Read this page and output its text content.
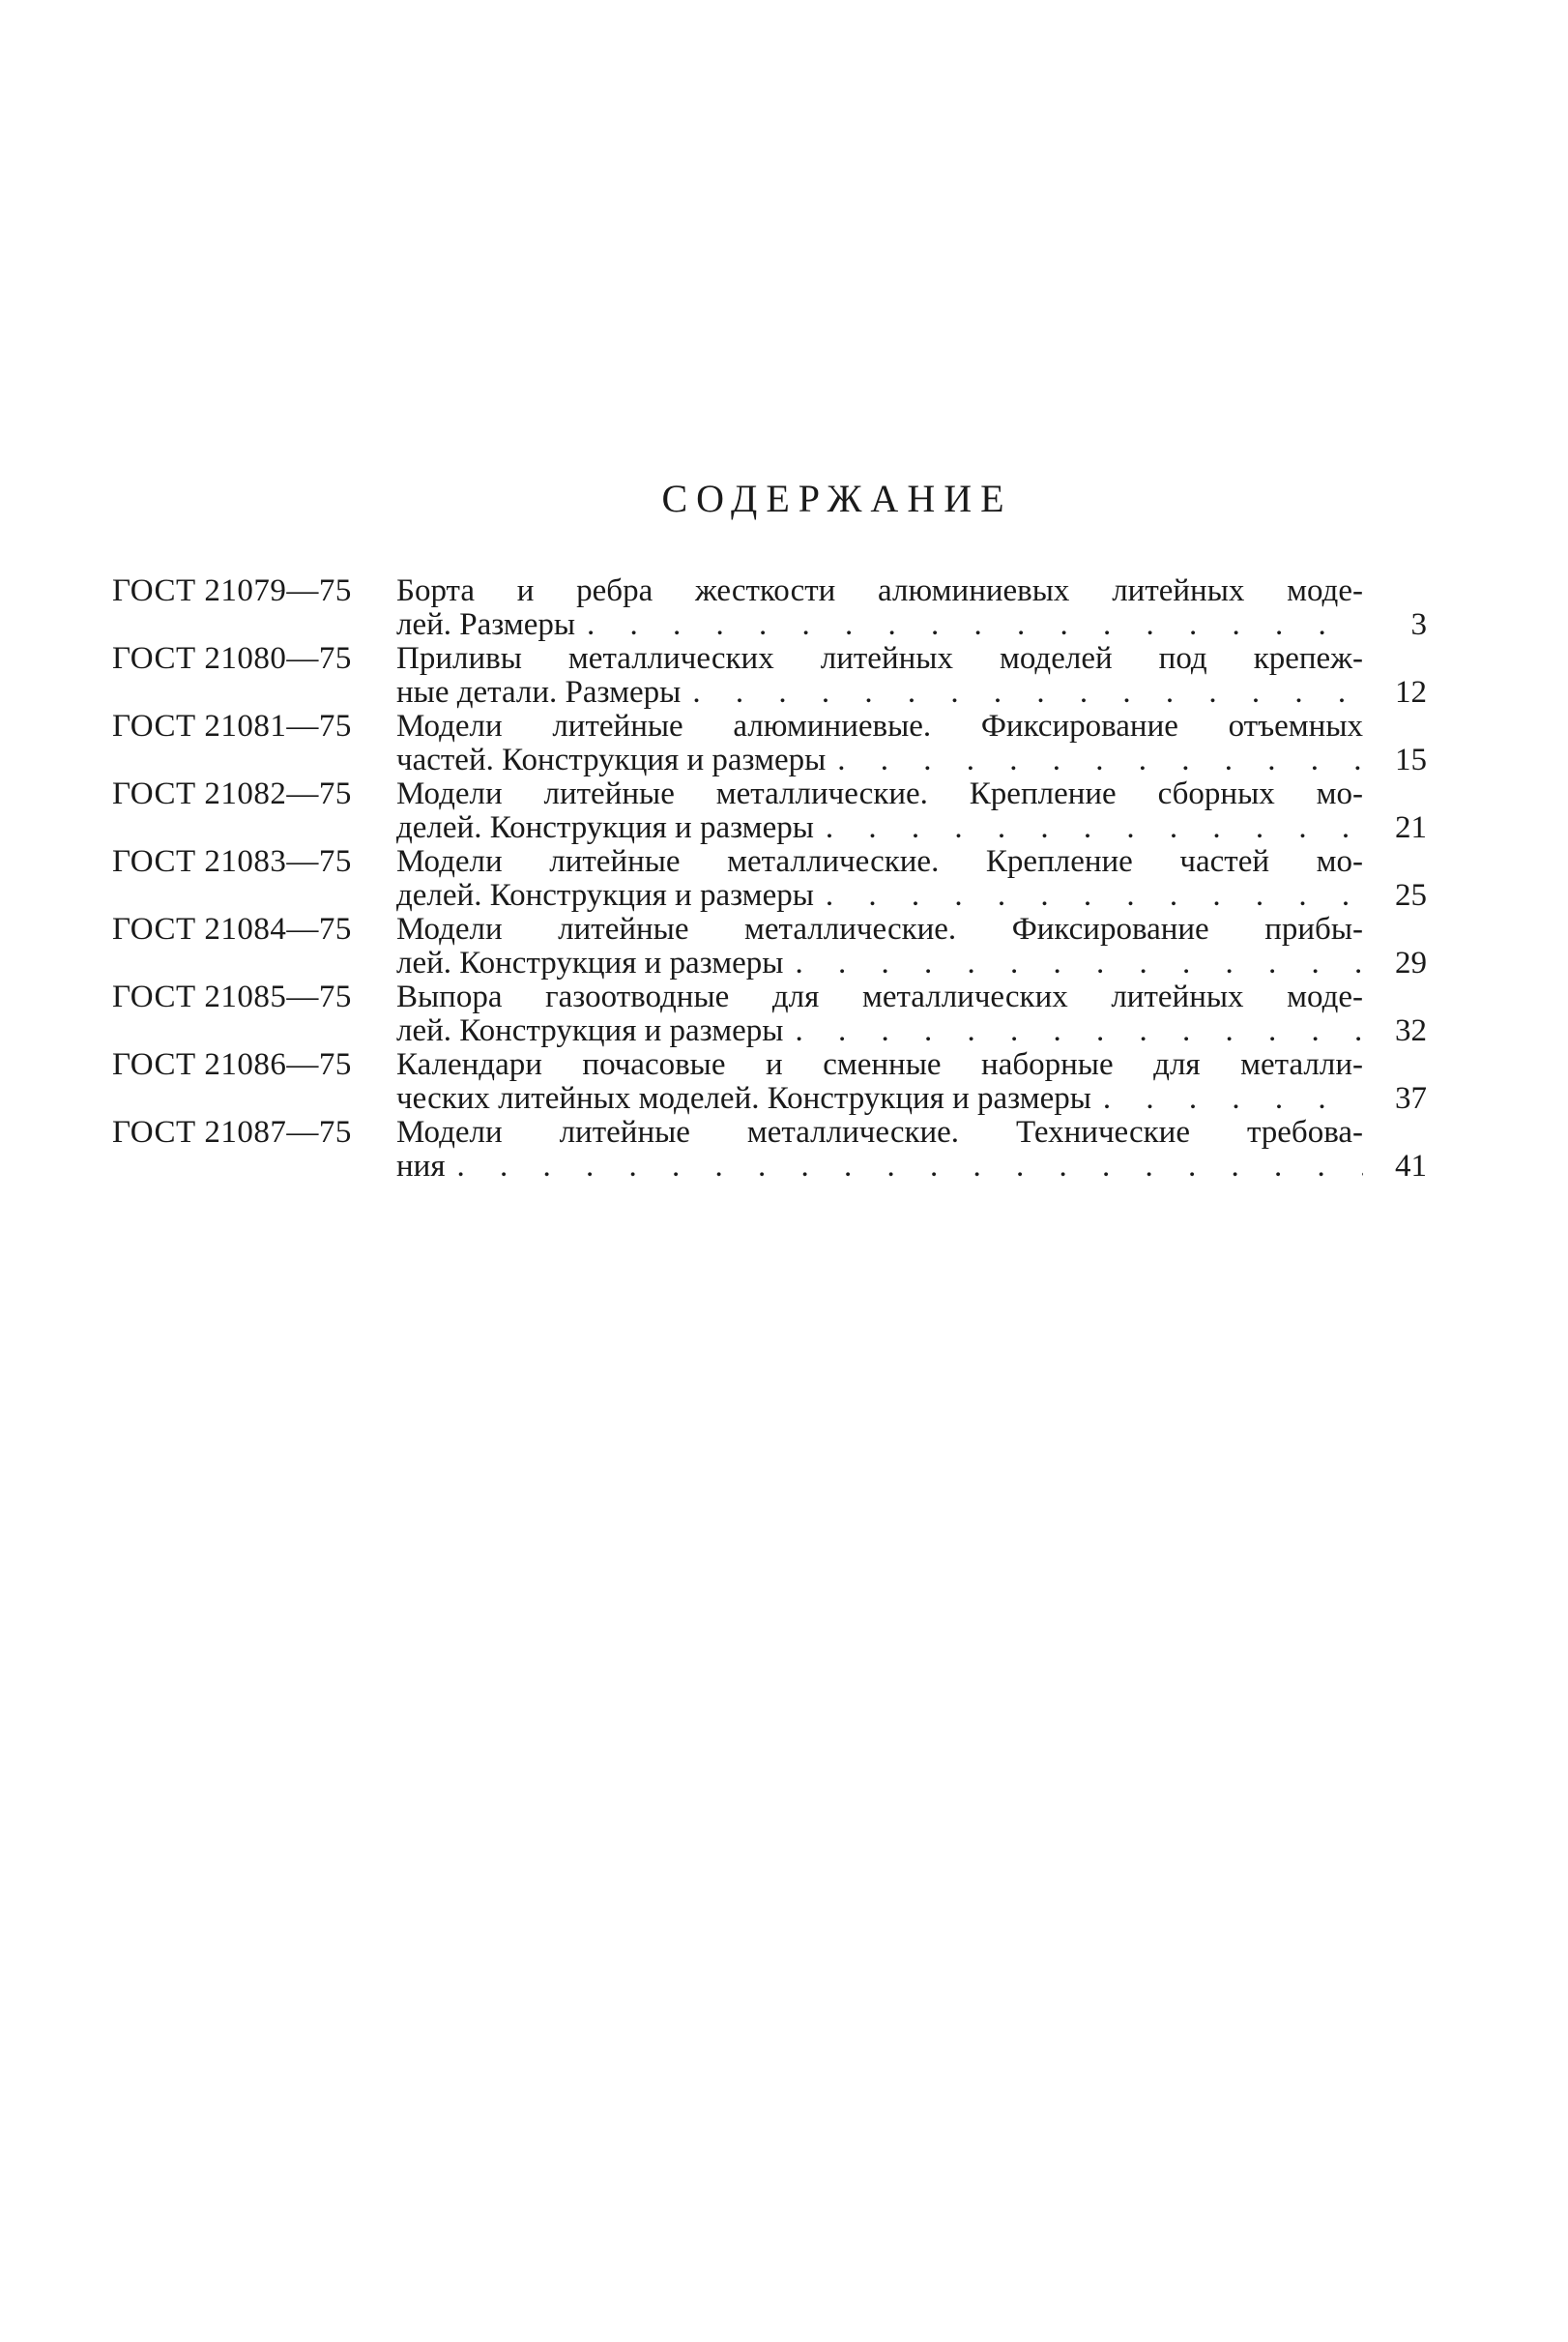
СОДЕРЖАНИЕ
ГОСТ 21079—75	Борта и ребра жесткости алюминиевых литейных моде-
лей. Размеры . . .	3
ГОСТ 21080—75	Приливы металлических литейных моделей под крепеж-
ные детали. Размеры . . .	12
ГОСТ 21081—75	Модели литейные алюминиевые. Фиксирование отъемных
частей. Конструкция и размеры . . .	15
ГОСТ 21082—75	Модели литейные металлические. Крепление сборных мо-
делей. Конструкция и размеры . . .	21
ГОСТ 21083—75	Модели литейные металлические. Крепление частей мо-
делей. Конструкция и размеры . . .	25
ГОСТ 21084—75	Модели литейные металлические. Фиксирование прибы-
лей. Конструкция и размеры . . .	29
ГОСТ 21085—75	Выпора газоотводные для металлических литейных моде-
лей. Конструкция и размеры . . .	32
ГОСТ 21086—75	Календари почасовые и сменные наборные для металли-
ческих литейных моделей. Конструкция и размеры . . .	37
ГОСТ 21087—75	Модели литейные металлические. Технические требова-
ния . . .	41
